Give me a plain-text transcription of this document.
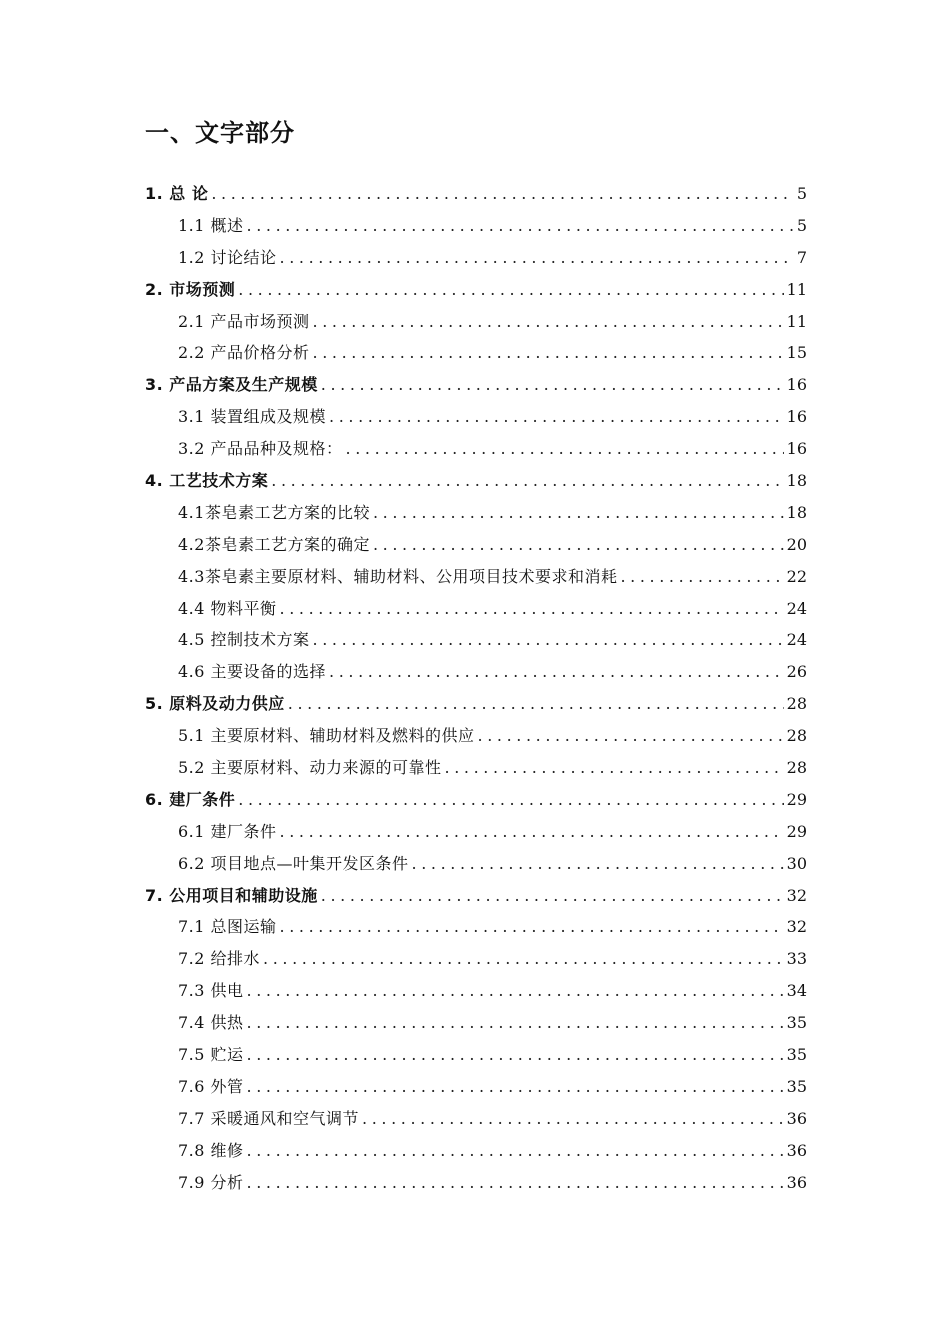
一、文字部分
1. 总 论 .....	5
1.1 概述 .....	5
1.2 讨论结论 .....	7
2. 市场预测 .....	11
2.1 产品市场预测 .....	11
2.2 产品价格分析 .....	15
3. 产品方案及生产规模 .....	16
3.1 装置组成及规模 .....	16
3.2 产品品种及规格： .....	16
4. 工艺技术方案 .....	18
4.1茶皂素工艺方案的比较 .....	18
4.2茶皂素工艺方案的确定 .....	20
4.3茶皂素主要原材料、辅助材料、公用项目技术要求和消耗 .....	22
4.4 物料平衡 .....	24
4.5 控制技术方案 .....	24
4.6 主要设备的选择 .....	26
5. 原料及动力供应 .....	28
5.1 主要原材料、辅助材料及燃料的供应 .....	28
5.2 主要原材料、动力来源的可靠性 .....	28
6. 建厂条件 .....	29
6.1 建厂条件 .....	29
6.2 项目地点—叶集开发区条件 .....	30
7. 公用项目和辅助设施 .....	32
7.1 总图运输 .....	32
7.2 给排水 .....	33
7.3 供电 .....	34
7.4 供热 .....	35
7.5 贮运 .....	35
7.6 外管 .....	35
7.7 采暖通风和空气调节 .....	36
7.8 维修 .....	36
7.9 分析 .....	36
